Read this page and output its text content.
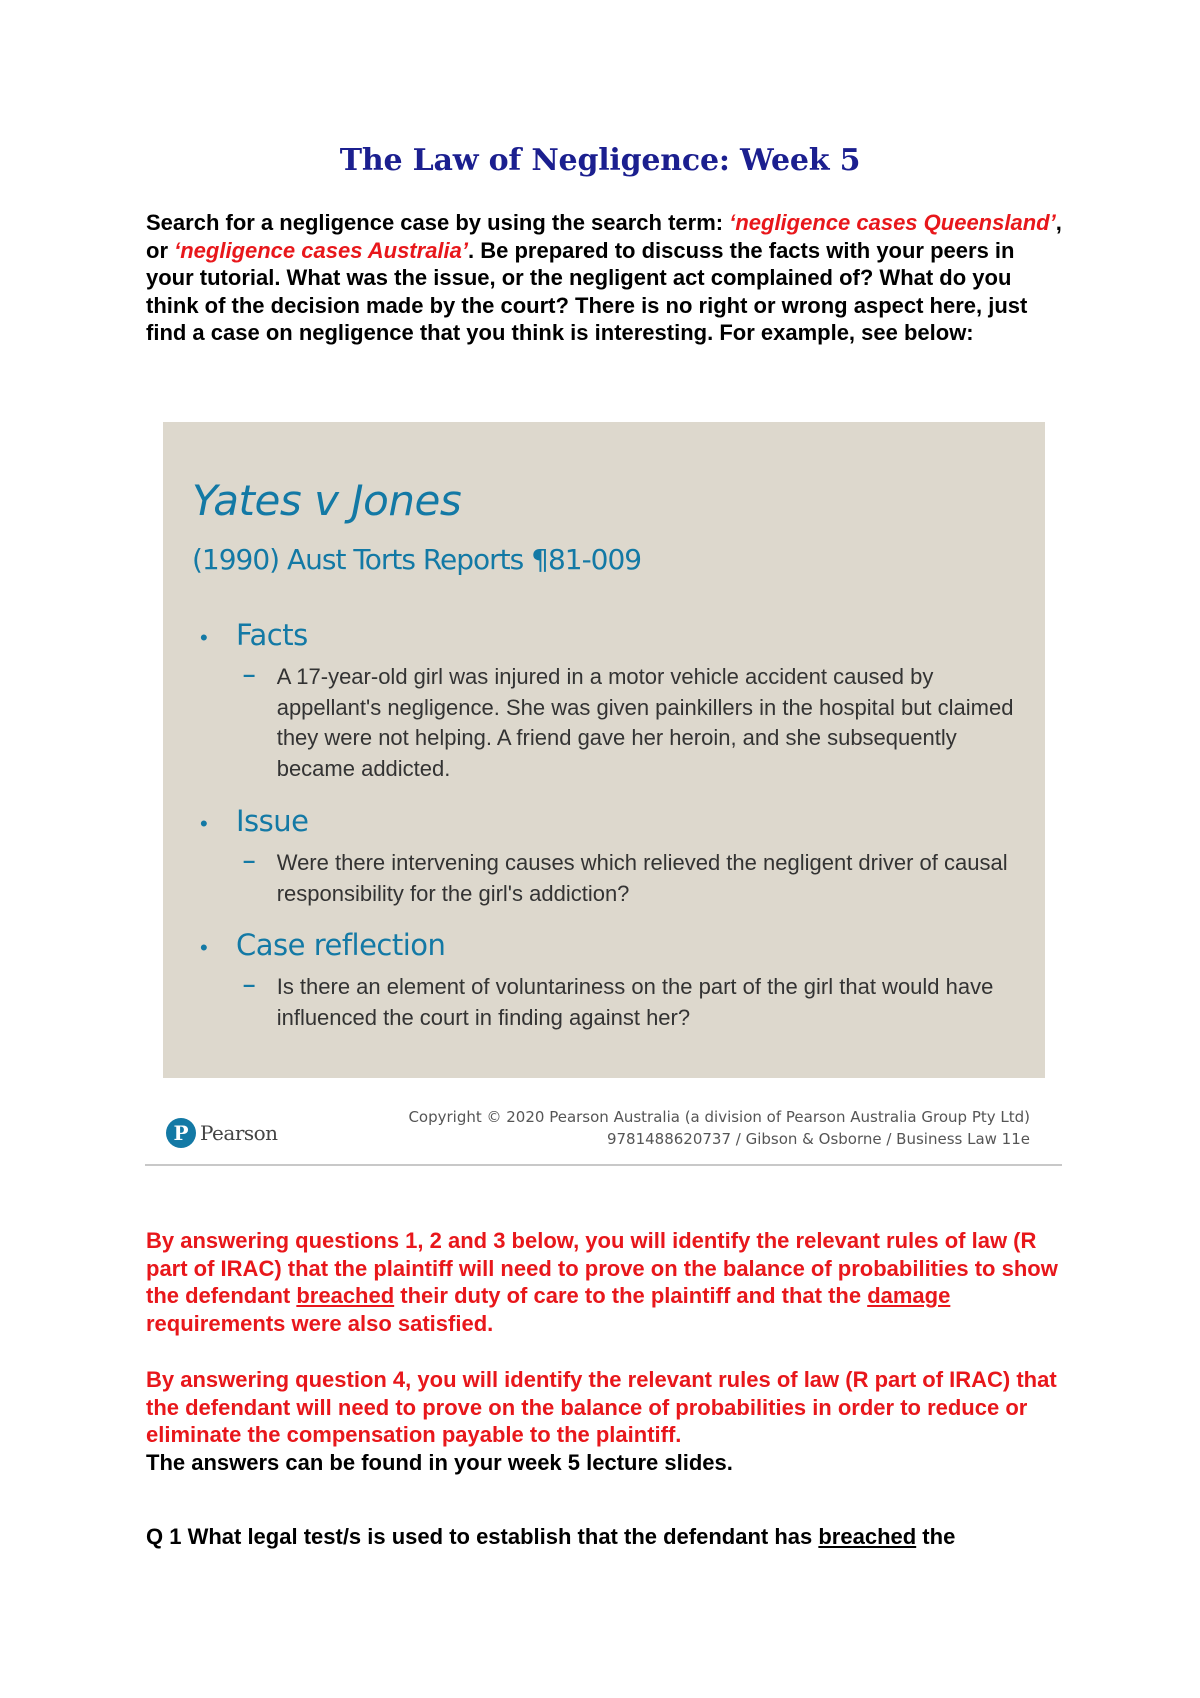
The Law of Negligence: Week 5
Search for a negligence case by using the search term: ‘negligence cases Queensland’, or ‘negligence cases Australia’. Be prepared to discuss the facts with your peers in your tutorial. What was the issue, or the negligent act complained of? What do you think of the decision made by the court? There is no right or wrong aspect here, just find a case on negligence that you think is interesting. For example, see below:
Yates v Jones
(1990) Aust Torts Reports ¶81-009
• Facts
– A 17-year-old girl was injured in a motor vehicle accident caused by appellant's negligence. She was given painkillers in the hospital but claimed they were not helping. A friend gave her heroin, and she subsequently became addicted.
• Issue
– Were there intervening causes which relieved the negligent driver of causal responsibility for the girl's addiction?
• Case reflection
– Is there an element of voluntariness on the part of the girl that would have influenced the court in finding against her?
P Pearson
Copyright © 2020 Pearson Australia (a division of Pearson Australia Group Pty Ltd)
9781488620737 / Gibson & Osborne / Business Law 11e
By answering questions 1, 2 and 3 below, you will identify the relevant rules of law (R part of IRAC) that the plaintiff will need to prove on the balance of probabilities to show the defendant breached their duty of care to the plaintiff and that the damage requirements were also satisfied.
By answering question 4, you will identify the relevant rules of law (R part of IRAC) that the defendant will need to prove on the balance of probabilities in order to reduce or eliminate the compensation payable to the plaintiff.
The answers can be found in your week 5 lecture slides.
Q 1 What legal test/s is used to establish that the defendant has breached the
